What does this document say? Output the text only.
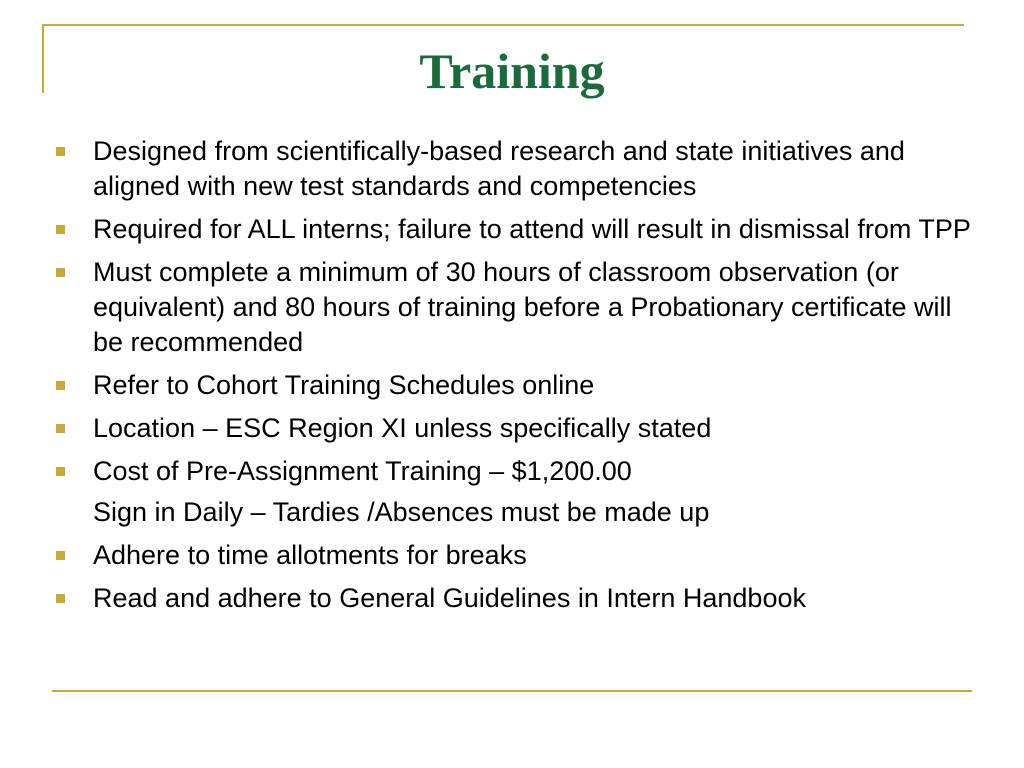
Training
Designed from scientifically-based research and state initiatives and aligned with new test standards and competencies
Required for ALL interns; failure to attend will result in dismissal from TPP
Must complete a minimum of 30 hours of classroom observation (or equivalent) and 80 hours of training before a Probationary certificate will be recommended
Refer to Cohort Training Schedules online
Location – ESC Region XI unless specifically stated
Cost of Pre-Assignment Training – $1,200.00
Sign in Daily – Tardies /Absences must be made up
Adhere to time allotments for breaks
Read and adhere to General Guidelines in Intern Handbook
